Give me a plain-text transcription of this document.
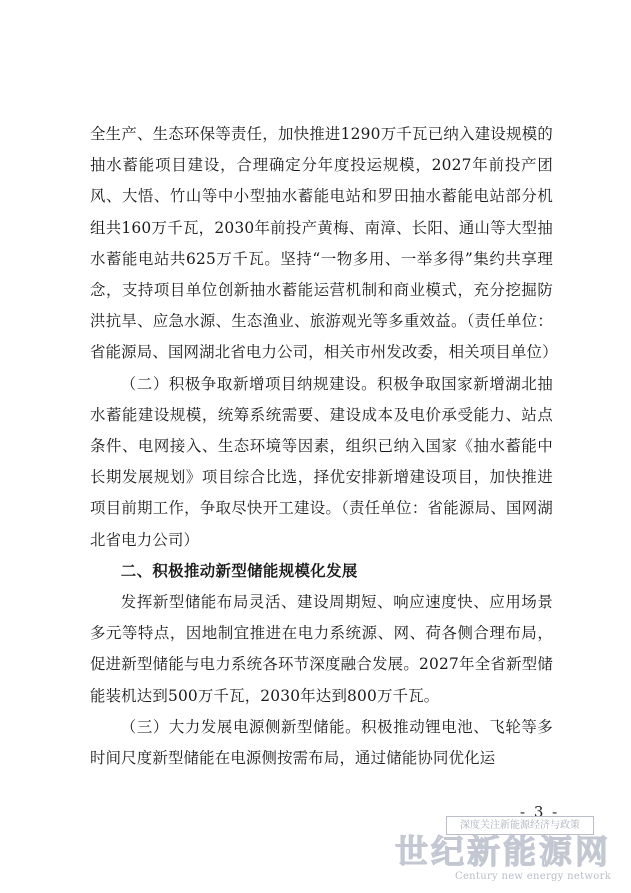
全生产、生态环保等责任，加快推进1290万千瓦已纳入建设规模的抽水蓄能项目建设，合理确定分年度投运规模，2027年前投产团风、大悟、竹山等中小型抽水蓄能电站和罗田抽水蓄能电站部分机组共160万千瓦，2030年前投产黄梅、南漳、长阳、通山等大型抽水蓄能电站共625万千瓦。坚持“一物多用、一举多得”集约共享理念，支持项目单位创新抽水蓄能运营机制和商业模式，充分挖掘防洪抗旱、应急水源、生态渔业、旅游观光等多重效益。（责任单位：省能源局、国网湖北省电力公司，相关市州发改委，相关项目单位）

（二）积极争取新增项目纳规建设。积极争取国家新增湖北抽水蓄能建设规模，统筹系统需要、建设成本及电价承受能力、站点条件、电网接入、生态环境等因素，组织已纳入国家《抽水蓄能中长期发展规划》项目综合比选，择优安排新增建设项目，加快推进项目前期工作，争取尽快开工建设。（责任单位：省能源局、国网湖北省电力公司）

二、积极推动新型储能规模化发展

发挥新型储能布局灵活、建设周期短、响应速度快、应用场景多元等特点，因地制宜推进在电力系统源、网、荷各侧合理布局，促进新型储能与电力系统各环节深度融合发展。2027年全省新型储能装机达到500万千瓦，2030年达到800万千瓦。

（三）大力发展电源侧新型储能。积极推动锂电池、飞轮等多时间尺度新型储能在电源侧按需布局，通过储能协同优化运

- 3 -
深度关注新能源经济与政策
世纪新能源网
Century new energy network
